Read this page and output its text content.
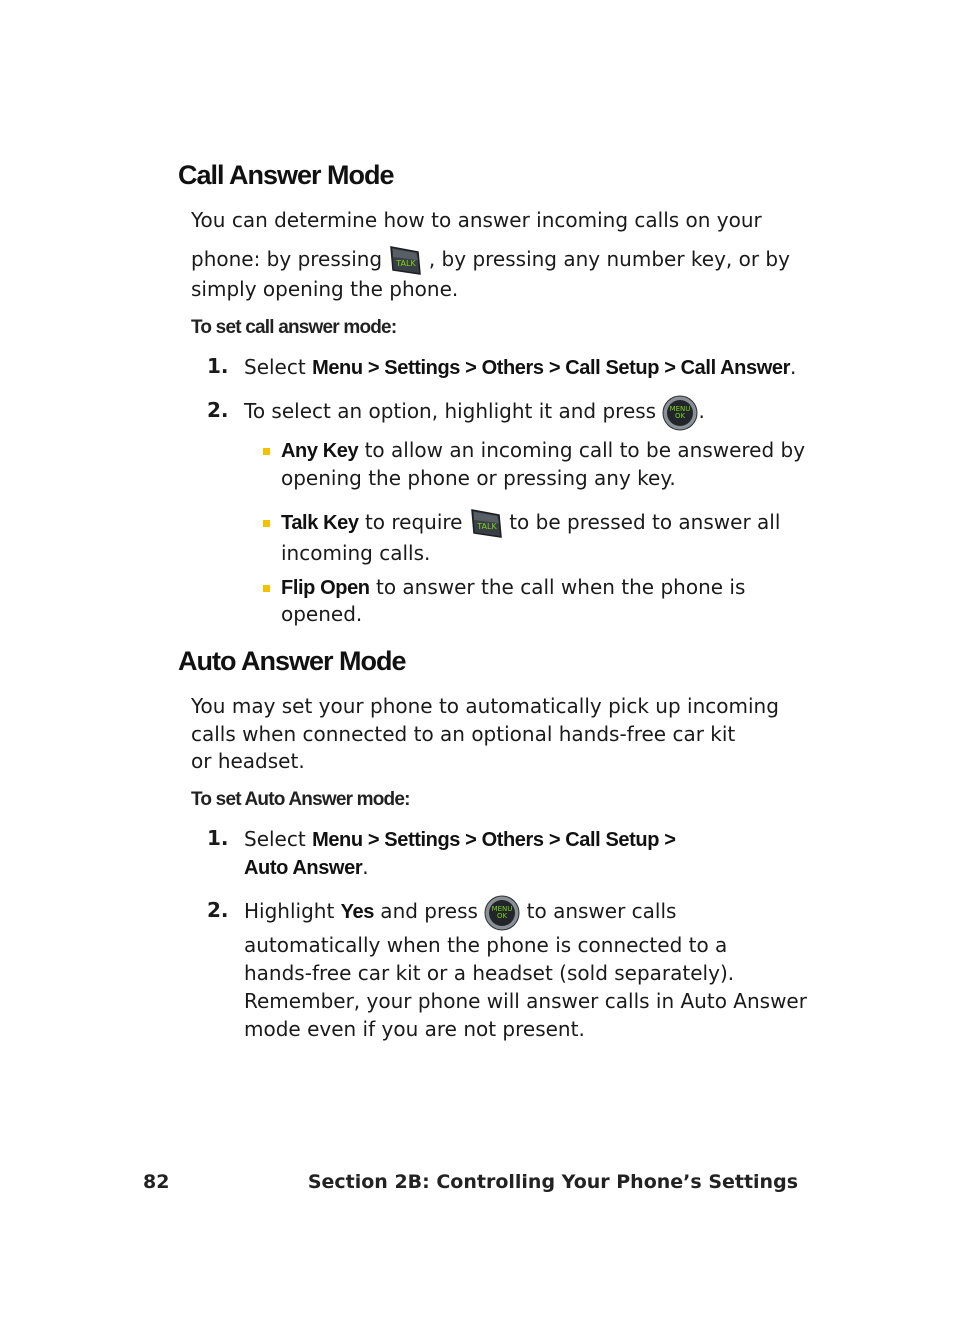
Call Answer Mode
You can determine how to answer incoming calls on your
phone: by pressing TALK , by pressing any number key, or by
simply opening the phone.
To set call answer mode:
1. Select Menu > Settings > Others > Call Setup > Call Answer.
2. To select an option, highlight it and press MENU
OK .
Any Key to allow an incoming call to be answered by
opening the phone or pressing any key.
Talk Key to require TALK to be pressed to answer all
incoming calls.
Flip Open to answer the call when the phone is
opened.
Auto Answer Mode
You may set your phone to automatically pick up incoming
calls when connected to an optional hands-free car kit
or headset.
To set Auto Answer mode:
1. Select Menu > Settings > Others > Call Setup >
Auto Answer.
2. Highlight Yes and press MENU
OK to answer calls
automatically when the phone is connected to a
hands-free car kit or a headset (sold separately).
Remember, your phone will answer calls in Auto Answer
mode even if you are not present.
82	Section 2B: Controlling Your Phone’s Settings
